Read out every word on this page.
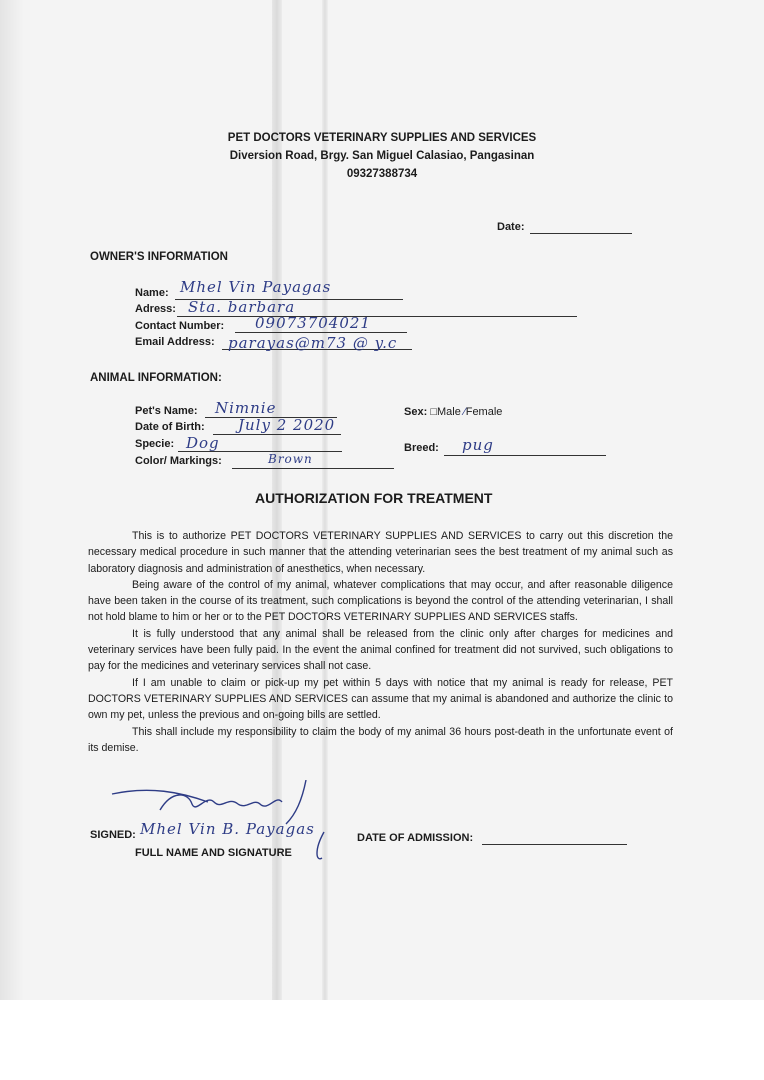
PET DOCTORS VETERINARY SUPPLIES AND SERVICES
Diversion Road, Brgy. San Miguel Calasiao, Pangasinan
09327388734
Date:
OWNER'S INFORMATION
Name: Mhel Vin Payagas
Adress: Sta. barbara
Contact Number: 09073704021
Email Address: parayas@m73 @ y.c
ANIMAL INFORMATION:
Pet's Name: Nimnie
Date of Birth: July 2 2020
Specie: Dog
Color/ Markings:	Brown
Sex: □Male ∕Female
Breed: pug
AUTHORIZATION FOR TREATMENT

This is to authorize PET DOCTORS VETERINARY SUPPLIES AND SERVICES to carry out this discretion the necessary medical procedure in such manner that the attending veterinarian sees the best treatment of my animal such as laboratory diagnosis and administration of anesthetics, when necessary.

Being aware of the control of my animal, whatever complications that may occur, and after reasonable diligence have been taken in the course of its treatment, such complications is beyond the control of the attending veterinarian, I shall not hold blame to him or her or to the PET DOCTORS VETERINARY SUPPLIES AND SERVICES staffs.

It is fully understood that any animal shall be released from the clinic only after charges for medicines and veterinary services have been fully paid. In the event the animal confined for treatment did not survived, such obligations to pay for the medicines and veterinary services shall not case.

If I am unable to claim or pick-up my pet within 5 days with notice that my animal is ready for release, PET DOCTORS VETERINARY SUPPLIES AND SERVICES can assume that my animal is abandoned and authorize the clinic to own my pet, unless the previous and on-going bills are settled.

This shall include my responsibility to claim the body of my animal 36 hours post-death in the unfortunate event of its demise.

SIGNED: Mhel Vin B. Payagas
FULL NAME AND SIGNATURE
DATE OF ADMISSION:
